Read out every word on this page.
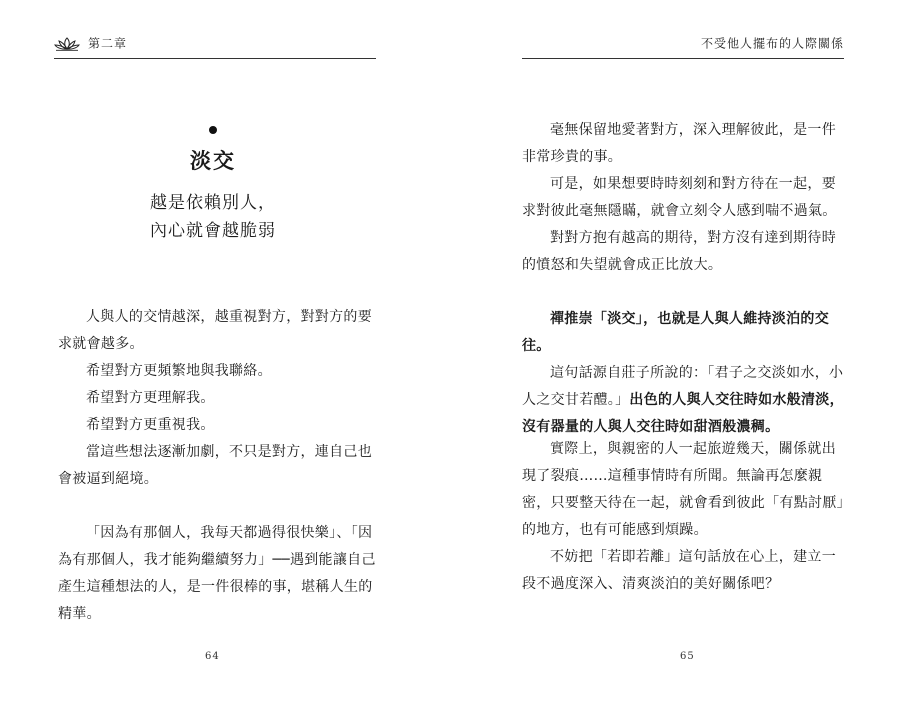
第二章
淡交
越是依賴別人，
內心就會越脆弱

人與人的交情越深，越重視對方，對對方的要求就會越多。

希望對方更頻繁地與我聯絡。

希望對方更理解我。

希望對方更重視我。

當這些想法逐漸加劇，不只是對方，連自己也會被逼到絕境。

「因為有那個人，我每天都過得很快樂」、「因為有那個人，我才能夠繼續努力」──遇到能讓自己產生這種想法的人，是一件很棒的事，堪稱人生的精華。

64
不受他人擺布的人際關係

毫無保留地愛著對方，深入理解彼此，是一件非常珍貴的事。

可是，如果想要時時刻刻和對方待在一起，要求對彼此毫無隱瞞，就會立刻令人感到喘不過氣。

對對方抱有越高的期待，對方沒有達到期待時的憤怒和失望就會成正比放大。

禪推崇「淡交」，也就是人與人維持淡泊的交往。

這句話源自莊子所說的：「君子之交淡如水，小人之交甘若醴。」出色的人與人交往時如水般清淡，沒有器量的人與人交往時如甜酒般濃稠。

實際上，與親密的人一起旅遊幾天，關係就出現了裂痕……這種事情時有所聞。無論再怎麼親密，只要整天待在一起，就會看到彼此「有點討厭」的地方，也有可能感到煩躁。

不妨把「若即若離」這句話放在心上，建立一段不過度深入、清爽淡泊的美好關係吧？

65
